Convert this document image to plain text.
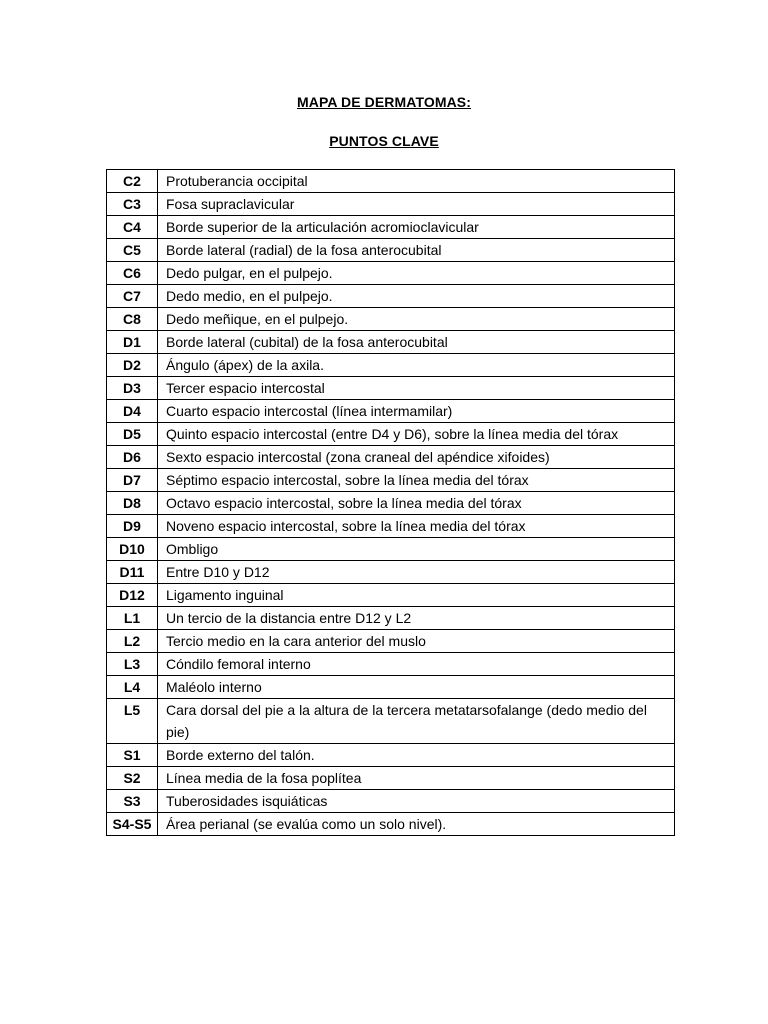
MAPA DE DERMATOMAS:
PUNTOS CLAVE
C2	Protuberancia occipital
C3	Fosa supraclavicular
C4	Borde superior de la articulación acromioclavicular
C5	Borde lateral (radial) de la fosa anterocubital
C6	Dedo pulgar, en el pulpejo.
C7	Dedo medio, en el pulpejo.
C8	Dedo meñique, en el pulpejo.
D1	Borde lateral (cubital) de la fosa anterocubital
D2	Ángulo (ápex) de la axila.
D3	Tercer espacio intercostal
D4	Cuarto espacio intercostal (línea intermamilar)
D5	Quinto espacio intercostal (entre D4 y D6), sobre la línea media del tórax
D6	Sexto espacio intercostal (zona craneal del apéndice xifoides)
D7	Séptimo espacio intercostal, sobre la línea media del tórax
D8	Octavo espacio intercostal, sobre la línea media del tórax
D9	Noveno espacio intercostal, sobre la línea media del tórax
D10	Ombligo
D11	Entre D10 y D12
D12	Ligamento inguinal
L1	Un tercio de la distancia entre D12 y L2
L2	Tercio medio en la cara anterior del muslo
L3	Cóndilo femoral interno
L4	Maléolo interno
L5	Cara dorsal del pie a la altura de la tercera metatarsofalange (dedo medio del pie)
S1	Borde externo del talón.
S2	Línea media de la fosa poplítea
S3	Tuberosidades isquiáticas
S4-S5	Área perianal (se evalúa como un solo nivel).
